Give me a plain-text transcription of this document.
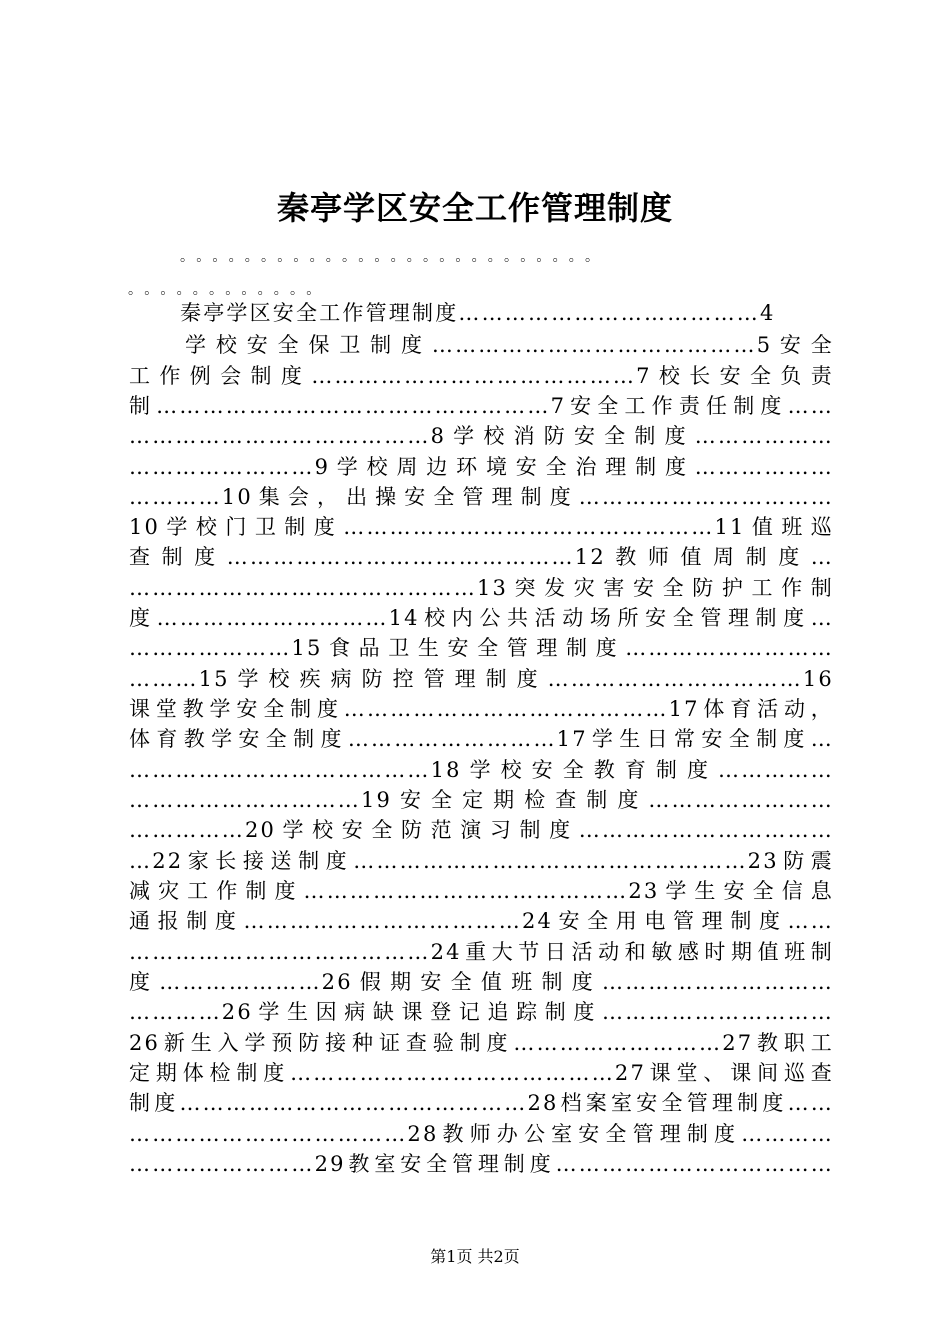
秦亭学区安全工作管理制度
。。。。。。。。。。。。。。。。。。。。。。。。。。
。。。。。。。。。。。。
秦亭学区安全工作管理制度…………………………………4
学校安全保卫制度……………………………………5安全
工作例会制度……………………………………7校长安全负责
制……………………………………………7安全工作责任制度……
…………………………………8学校消防安全制度………………
……………………9学校周边环境安全治理制度………………
…………10集会，出操安全管理制度……………………………
10学校门卫制度…………………………………………11值班巡
查制度………………………………………12教师值周制度…
………………………………………13突发灾害安全防护工作制
度…………………………14校内公共活动场所安全管理制度…
…………………15食品卫生安全管理制度………………………
………15学校疾病防控管理制度……………………………16
课堂教学安全制度……………………………………17体育活动，
体育教学安全制度………………………17学生日常安全制度…
…………………………………18学校安全教育制度……………
…………………………19安全定期检查制度……………………
……………20学校安全防范演习制度……………………………
…22家长接送制度……………………………………………23防震
减灾工作制度……………………………………23学生安全信息
通报制度………………………………24安全用电管理制度……
…………………………………24重大节日活动和敏感时期值班制
度…………………26假期安全值班制度…………………………
…………26学生因病缺课登记追踪制度…………………………
26新生入学预防接种证查验制度………………………27教职工
定期体检制度……………………………………27课堂、课间巡查
制度………………………………………28档案室安全管理制度……
………………………………28教师办公室安全管理制度…………
……………………29教室安全管理制度………………………………
第1页 共2页
